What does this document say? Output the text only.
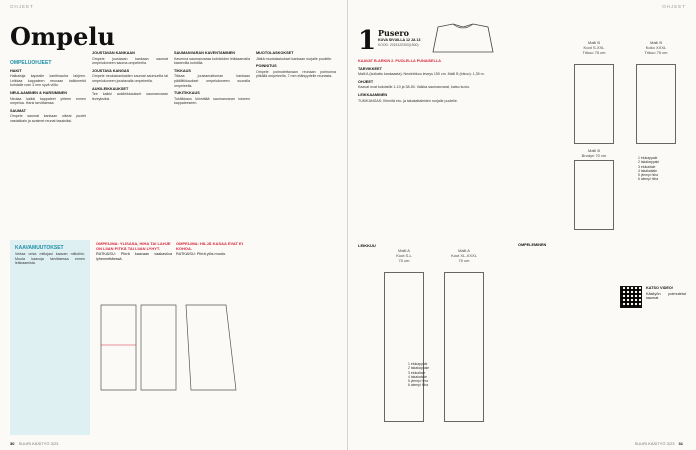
OHJEET
Ompelu
OMPELUOHJEET
HAKIT
Halkaisija kapealle kanttinauha lahjeen. Leikkaa kappaleen reunaan halkimerkit kohdalle noin 3 mm syvä viilto.
NEULAAMINEN & HARSIMINEN
Neulaa kaikki kappaleet yhteen ennen ompelua. Harsi tarvittaessa.
SAUMAT
Ompele saumat kankaan oikeat puolet vastakkain ja avaimet reunat tasaisiksi.
JOUSTAVAN KANKAAN
Ompele joustavan kankaan saumat ompelukoneen sauma-ompeleella.
JOUSTAVA KANGAS
Ompele neuloskankaiden saumat saumurilla tai ompelukoneen joustavalla ompeleella.
AUKILEIKKAUKSET
Tee kaikki aukileikkaukset saumanvaran leveyksiksi.
SAUMANVARAN KAVENTAMINEN
Kavenna saumanvaraa kolmioiden leikkaamalla kaarevilla kohdilla.
TIKKAUS
Tikkaa joustamattoman kankaan päällitikkaukset ompelukoneen suoralla ompeleella.
TUKITIKKAUS
Tukitikkaus kiinnittää saumanvaran toiseen kappaleeseen.
MUOTOLASKOKSET
Jätkä muotolaskokset kankaan nurjalle puolelle.
POINNITUS
Ompele poimutettavaan reunaan poimunna pitkällä ompeleella, 7 mm etäisyydelle reunasta.
KAAVAMUUTOKSET
Vertaa omia mittojasi kaavan mittoihin. Muuta kaavoja tarvittaessa ennen leikkaamista.
OMPELIMA: YLISASA, HIHA TAI LAHJE ON LIIAN PITKÄ TAI LIIAN LYHYT.
RATKAISU: Piirrä kaavaan vaakaviiva lyhennettäessä.
OMPELIMA: HILJÄ KASAA EVAT EI KOHOA.
RATKAISU: Piirrä ylös muoto.
30 SUURI KÄSITYÖ 3/23
OHJEET
1 Pusero
KUVA SIVUILLA 12 JA 13
KOOD: 2015120300(1500)
KAAVAT B-ARKIN 2. PUOLELLA PUNAISELLA
TARVIKKEET
Malli A (kuikattu kankaasta): Neuletrikoo leveys 150 cm. Malli B (trikoo): 1,35 m.
OHJEET
Kaavat ovat kokoisille 1-10 ja 38-50. Vaikka saumanvarat, katso kuvio.
LEIKKAAMINEN
TUKIKANGAS: Kiinnitä etu- ja takakaitaleiden nurjalle puolelle.
Malli B
Koot S-XXL
Trikoo 75 cm
Malli B
Koko XXXL
Trikoo 75 cm
Malli B
Brodyri 70 cm	1 etukappale
2 takakappale
3 etukaitale
4 takakaitale
5 ylempi hiha
6 alempi hiha
LEIKKUU
Malli A
Koot S-L
70 cm
Malli A
Koot XL-XXXL
70 cm
1 etukappale
2 takakappale
3 etukaitale
4 takakaitale
5 ylempi hiha
6 alempi hiha
OMPELEMINEN
KATSO VIDEO!
Käsityön poimutetut saumat
SUURI KÄSITYÖ 3/23 31
